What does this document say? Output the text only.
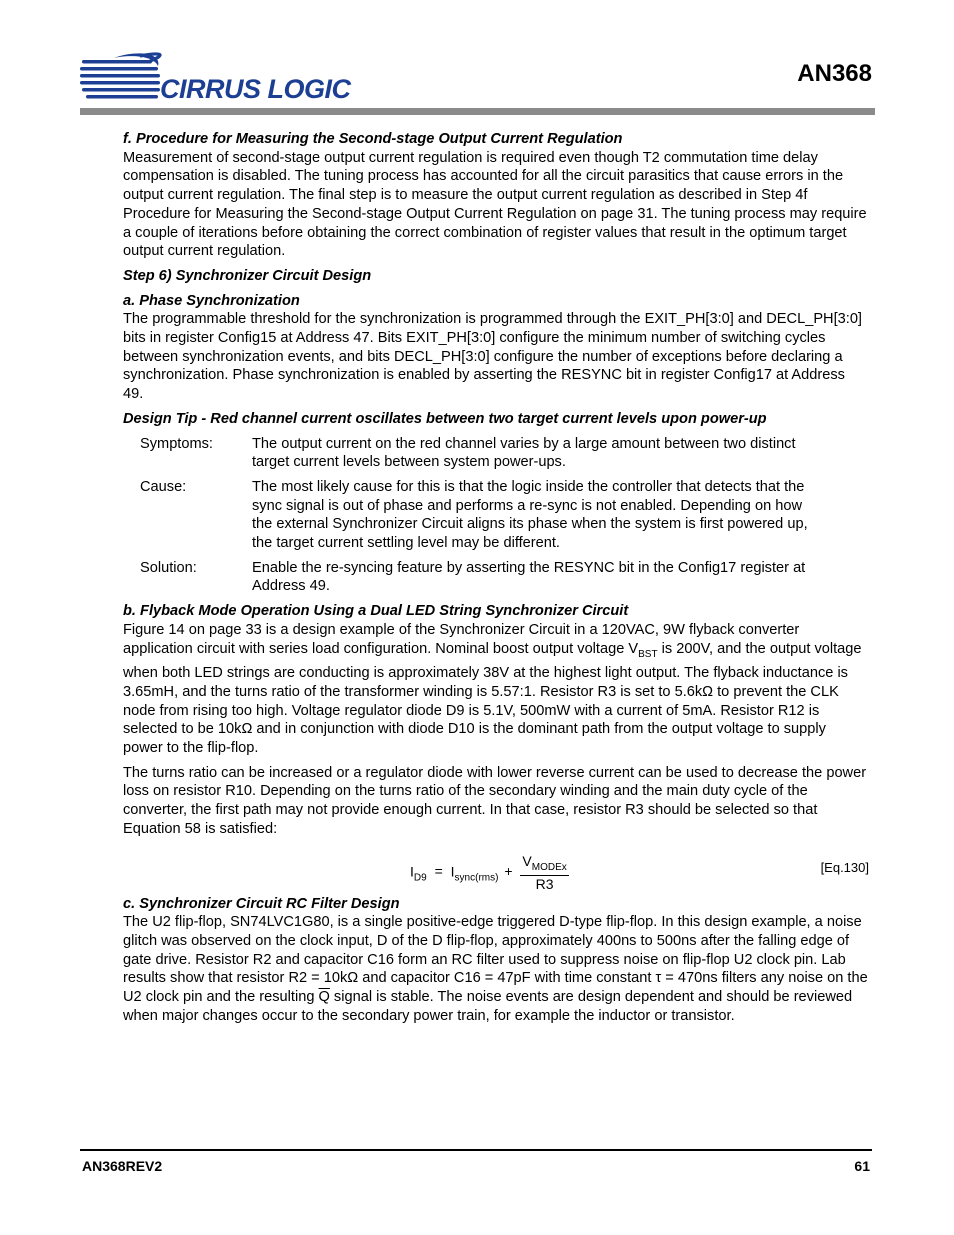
CIRRUS LOGIC
AN368

f. Procedure for Measuring the Second-stage Output Current Regulation

Measurement of second-stage output current regulation is required even though T2 commutation time delay compensation is disabled. The tuning process has accounted for all the circuit parasitics that cause errors in the output current regulation. The final step is to measure the output current regulation as described in Step 4f Procedure for Measuring the Second-stage Output Current Regulation on page 31. The tuning process may require a couple of iterations before obtaining the correct combination of register values that result in the optimum target output current regulation.

Step 6) Synchronizer Circuit Design

a. Phase Synchronization

The programmable threshold for the synchronization is programmed through the EXIT_PH[3:0] and DECL_PH[3:0] bits in register Config15 at Address 47. Bits EXIT_PH[3:0] configure the minimum number of switching cycles between synchronization events, and bits DECL_PH[3:0] configure the number of exceptions before declaring a synchronization. Phase synchronization is enabled by asserting the RESYNC bit in register Config17 at Address 49.

Design Tip - Red channel current oscillates between two target current levels upon power-up

Symptoms:	The output current on the red channel varies by a large amount between two distinct target current levels between system power-ups.
Cause:	The most likely cause for this is that the logic inside the controller that detects that the sync signal is out of phase and performs a re-sync is not enabled. Depending on how the external Synchronizer Circuit aligns its phase when the system is first powered up, the target current settling level may be different.
Solution:	Enable the re-syncing feature by asserting the RESYNC bit in the Config17 register at Address 49.

b. Flyback Mode Operation Using a Dual LED String Synchronizer Circuit

Figure 14 on page 33 is a design example of the Synchronizer Circuit in a 120VAC, 9W flyback converter application circuit with series load configuration. Nominal boost output voltage $V_{BST}$ is 200V, and the output voltage when both LED strings are conducting is approximately 38V at the highest light output. The flyback inductance is 3.65mH, and the turns ratio of the transformer winding is 5.57:1. Resistor R3 is set to 5.6kΩ to prevent the CLK node from rising too high. Voltage regulator diode D9 is 5.1V, 500mW with a current of 5mA. Resistor R12 is selected to be 10kΩ and in conjunction with diode D10 is the dominant path from the output voltage to supply power to the flip-flop.

The turns ratio can be increased or a regulator diode with lower reverse current can be used to decrease the power loss on resistor R10. Depending on the turns ratio of the secondary winding and the main duty cycle of the converter, the first path may not provide enough current. In that case, resistor R3 should be selected so that Equation 58 is satisfied:

$I_{D9} = I_{sync(rms)} + \frac{V_{MODEx}}{R3}$	[Eq.130]

c. Synchronizer Circuit RC Filter Design

The U2 flip-flop, SN74LVC1G80, is a single positive-edge triggered D-type flip-flop. In this design example, a noise glitch was observed on the clock input, D of the D flip-flop, approximately 400ns to 500ns after the falling edge of gate drive. Resistor R2 and capacitor C16 form an RC filter used to suppress noise on flip-flop U2 clock pin. Lab results show that resistor R2 = 10kΩ and capacitor C16 = 47pF with time constant τ = 470ns filters any noise on the U2 clock pin and the resulting $\overline{Q}$ signal is stable. The noise events are design dependent and should be reviewed when major changes occur to the secondary power train, for example the inductor or transistor.

AN368REV2	61
